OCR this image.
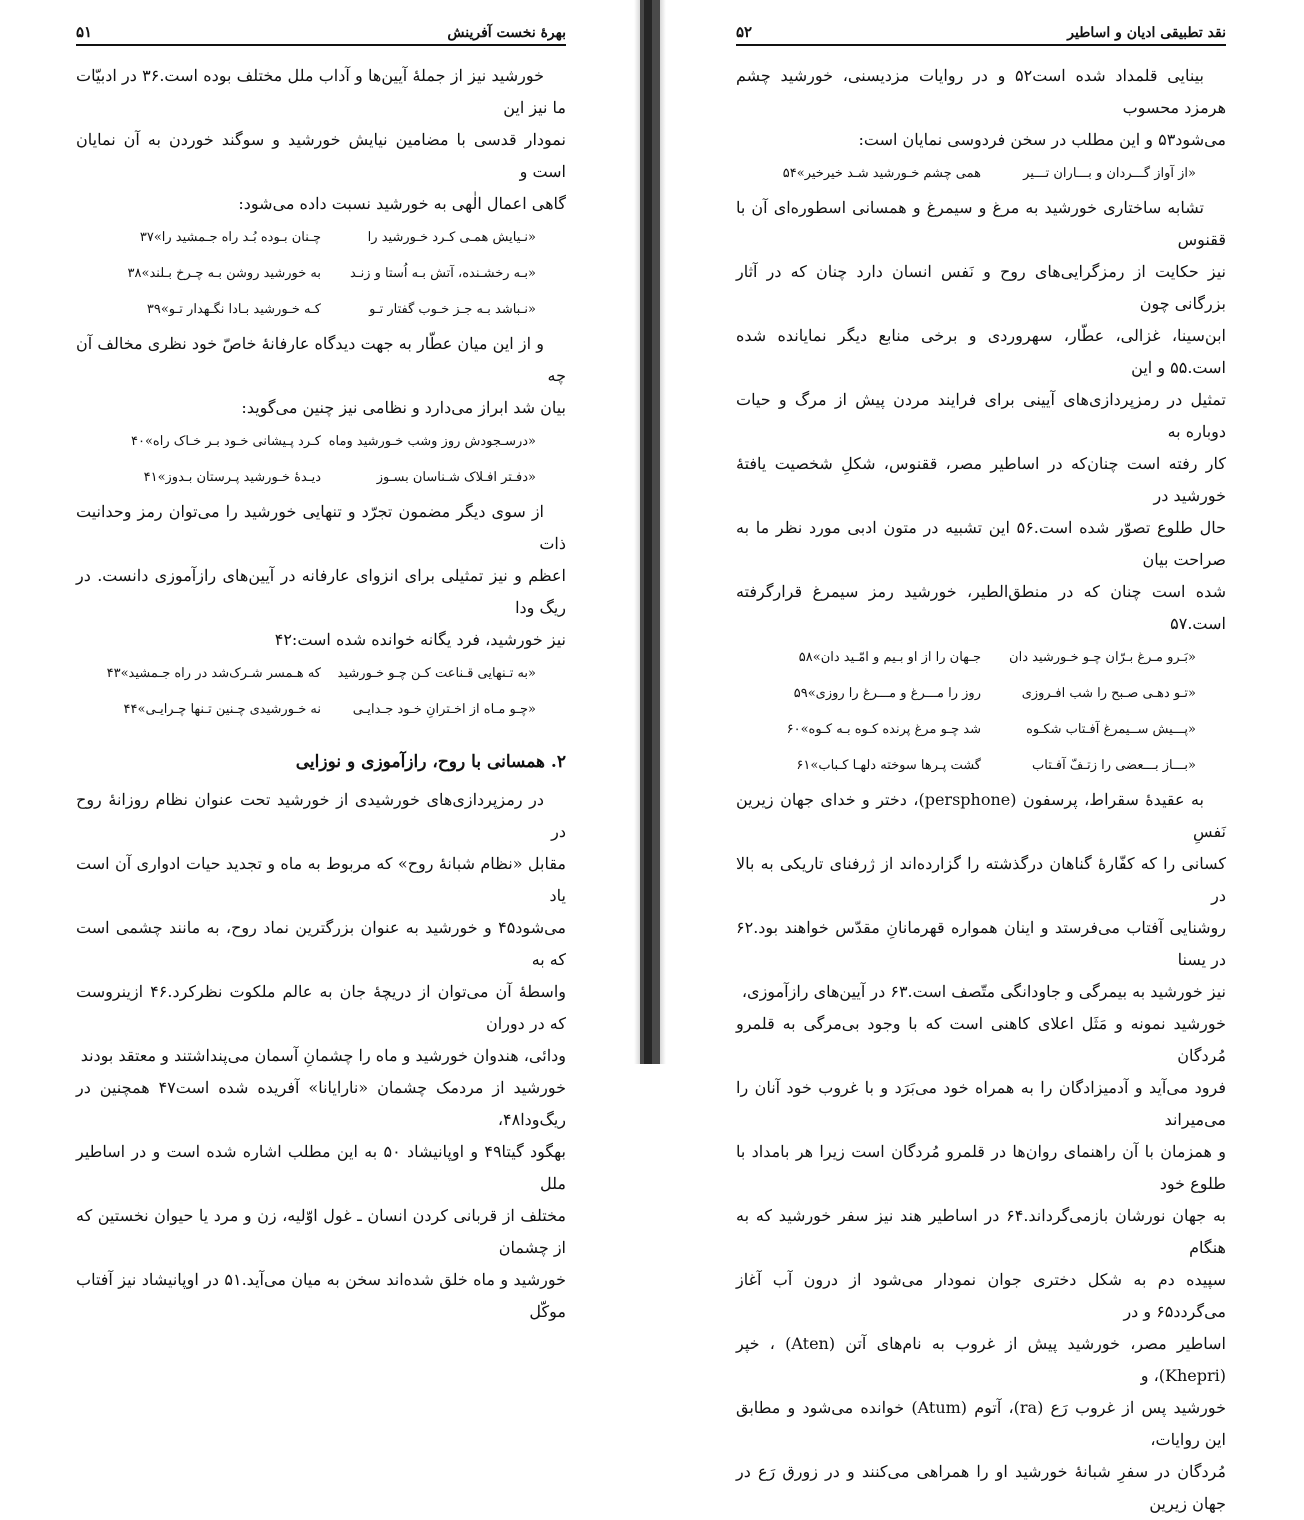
بهرهٔ نخست آفرینش
۵۱

خورشید نیز از جملهٔ آیین‌ها و آداب ملل مختلف بوده است.۳۶ در ادبیّات ما نیز این

نمودار قدسی با مضامین نیایش خورشید و سوگند خوردن به آن نمایان است و

گاهی اعمال الٰهی به خورشید نسبت داده می‌شود:

«نـیایش همـی کـرد خـورشید را
چـنان بـوده بُـد راه جـمشید را»۳۷
«بـه رخشـنده، آتش بـه اُستا و زنـد
به خورشید روشن بـه چـرخ بـلند»۳۸
«نـباشد بـه جـز خـوب گفتار تـو
کـه خـورشید بـادا نگـهدار تـو»۳۹

و از این میان عطّار به جهت دیدگاه عارفانهٔ خاصّ خود نظری مخالف آن چه

بیان شد ابراز می‌دارد و نظامی نیز چنین می‌گوید:

«درسـجودش روز وشب خـورشید وماه
کـرد پـیشانی خـود بـر خـاک راه»۴۰
«دفـتر افـلاک شـناسان بسـوز
دیـدهٔ خـورشید پـرستان بـدوز»۴۱

از سوی دیگر مضمون تجرّد و تنهایی خورشید را می‌توان رمز وحدانیت ذات

اعظم و نیز تمثیلی برای انزوای عارفانه در آیین‌های رازآموزی دانست. در ریگ ودا

نیز خورشید، فرد یگانه خوانده شده است:۴۲

«به تـنهایی قـناعت کـن چـو خـورشید
که هـمسر شـرک‌شد در راه جـمشید»۴۳
«چـو مـاه از اخـترانِ خـود جـدایـی
نه خـورشیدی چـنین تـنها چـرایـی»۴۴
۲. همسانی با روح، رازآموزی و نوزایی

در رمزپردازی‌های خورشیدی از خورشید تحت عنوان نظام روزانهٔ روح در

مقابل «نظام شبانهٔ روح» که مربوط به ماه و تجدید حیات ادواری آن است یاد

می‌شود۴۵ و خورشید به عنوان بزرگترین نماد روح، به مانند چشمی است که به

واسطهٔ آن می‌توان از دریچهٔ جان به عالم ملکوت نظرکرد.۴۶ ازینروست که در دوران

ودائی، هندوان خورشید و ماه را چشمانِ آسمان می‌پنداشتند و معتقد بودند

خورشید از مردمک چشمان «نارایانا» آفریده شده است۴۷ همچنین در ریگ‌ودا۴۸،

بهگود گیتا۴۹ و اوپانیشاد ۵۰ به این مطلب اشاره شده است و در اساطیر ملل

مختلف از قربانی کردن انسان ـ غول اوّلیه، زن و مرد یا حیوان نخستین که از چشمان

خورشید و ماه خلق شده‌اند سخن به میان می‌آید.۵۱ در اوپانیشاد نیز آفتاب موکّل

نقد تطبیقی ادیان و اساطیر
۵۲

بینایی قلمداد شده است۵۲ و در روایات مزدیسنی، خورشید چشم هرمزد محسوب

می‌شود۵۳ و این مطلب در سخن فردوسی نمایان است:

«از آواز گـــردان و بـــاران تـــیر
همی چشم خـورشید شـد خیرخیر»۵۴

تشابه ساختاری خورشید به مرغ و سیمرغ و همسانی اسطوره‌ای آن با ققنوس

نیز حکایت از رمزگرایی‌های روح و نَفس انسان دارد چنان که در آثار بزرگانی چون

ابن‌سینا، غزالی، عطّار، سهروردی و برخی منابع دیگر نمایانده شده است.۵۵ و این

تمثیل در رمزپردازی‌های آیینی برای فرایند مردن پیش از مرگ و حیات دوباره به

کار رفته است چنان‌که در اساطیر مصر، ققنوس، شکلِ شخصیت یافتهٔ خورشید در

حال طلوع تصوّر شده است.۵۶ این تشبیه در متون ادبی مورد نظر ما به صراحت بیان

شده است چنان که در منطق‌الطیر، خورشید رمز سیمرغ قرارگرفته است.۵۷

«بَـرو مـرغ بـرّان چـو خـورشید دان
جـهان را از او بـیم و امّـید دان»۵۸
«تـو دهـی صـبح را شب افـروزی
روز را مـــرغ و مـــرغ را روزی»۵۹
«پـــیش ســیمرغ آفـتاب شکـوه
شد چـو مرغ پرنده کـوه بـه کـوه»۶۰
«بـــاز بـــعضی را زتـفّ آفـتاب
گشت پـرها سوخته دلهـا کـباب»۶۱

به عقیدهٔ سقراط، پرسفون (persphone)، دختر و خدای جهان زیرین نَفسِ

کسانی را که کفّارهٔ گناهان درگذشته را گزارده‌اند از ژرفنای تاریکی به بالا در

روشنایی آفتاب می‌فرستد و اینان همواره قهرمانانِ مقدّس خواهند بود.۶۲ در یسنا

نیز خورشید به بیمرگی و جاودانگی متّصف است.۶۳ در آیین‌های رازآموزی،

خورشید نمونه و مَثَل اعلای کاهنی است که با وجود بی‌مرگی به قلمرو مُردگان

فرود می‌آید و آدمیزادگان را به همراه خود می‌بَرَد و با غروب خود آنان را می‌میراند

و همزمان با آن راهنمای روان‌ها در قلمرو مُردگان است زیرا هر بامداد با طلوع خود

به جهان نورشان بازمی‌گرداند.۶۴ در اساطیر هند نیز سفر خورشید که به هنگام

سپیده دم به شکل دختری جوان نمودار می‌شود از درون آب آغاز می‌گردد۶۵ و در

اساطیر مصر، خورشید پیش از غروب به نام‌های آتن (Aten) ، خپر (Khepri)، و

خورشید پس از غروب رَع (ra)، آتوم (Atum) خوانده می‌شود و مطابق این روایات،

مُردگان در سفرِ شبانهٔ خورشید او را همراهی می‌کنند و در زورق رَع در جهان زیرین
